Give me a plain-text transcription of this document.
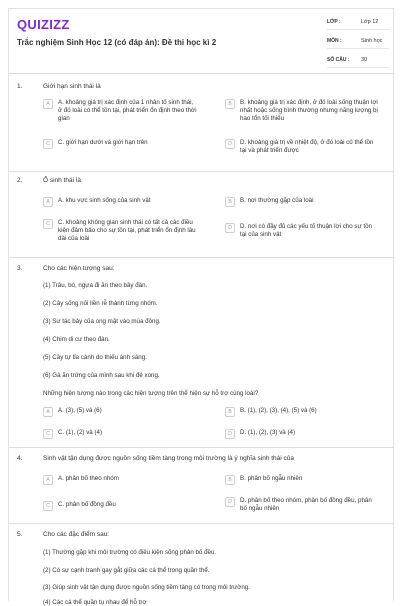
QUIZIZZ
Trắc nghiệm Sinh Học 12 (có đáp án): Đề thi học kì 2
LỚP :	Lớp 12
MÔN :	Sinh học
SỐ CÂU :	30
1.	Giới hạn sinh thái là
A	A. khoảng giá trị xác định của 1 nhân tố sinh thái, ở đó loài có thể tồn tại, phát triển ổn định theo thời gian
B	B. khoảng giá trị xác định, ở đó loài sống thuận lợi nhất hoặc sống bình thường nhưng năng lượng bị hao tổn tối thiểu
C	C. giới hạn dưới và giới hạn trên	D	D. khoảng giá trị về nhiệt độ, ở đó loài có thể tồn tại và phát triển được
2.	Ổ sinh thái là
A	A. khu vực sinh sống của sinh vật	B	B. nơi thường gặp của loài
C	C. khoảng không gian sinh thái có tất cả các điều kiện đảm bảo cho sự tồn tại, phát triển ổn định lâu dài của loài
D	D. nơi có đầy đủ các yếu tố thuận lợi cho sự tồn tại của sinh vật
3.	Cho các hiện tượng sau:
(1) Trâu, bò, ngựa đi ăn theo bầy đàn.
(2) Cây sống nối liền rễ thành từng nhóm.
(3) Sư tác bảy của ong mật vào mùa đông.
(4) Chim di cư theo đàn.
(5) Cây tự tỉa cành do thiếu ánh sáng.
(6) Gà ăn trứng của mình sau khi đẻ xong.
Những hiện tượng nào trong các hiện tượng trên thể hiện sự hỗ trợ cùng loài?
A	A. (3), (5) và (6)	B	B. (1), (2), (3), (4), (5) và (6)
C	C. (1), (2) và (4)	D	D. (1), (2), (3) và (4)
4.	Sinh vật tận dụng được nguồn sống tiềm tàng trong môi trường là ý nghĩa sinh thái của
A	A. phân bố theo nhóm	B	B. phân bố ngẫu nhiên
C	C. phân bố đồng đều	D	D. phân bố theo nhóm, phân bố đồng đều, phân bố ngẫu nhiên
5.	Cho các đặc điểm sau:
(1) Thường gặp khi môi trường có điều kiện sống phân bố đều.
(2) Có sự cạnh tranh gay gắt giữa các cá thể trong quần thể.
(3) Giúp sinh vật tận dụng được nguồn sống tiềm tàng có trong môi trường.
(4) Các cá thể quần tụ nhau để hỗ trợ
